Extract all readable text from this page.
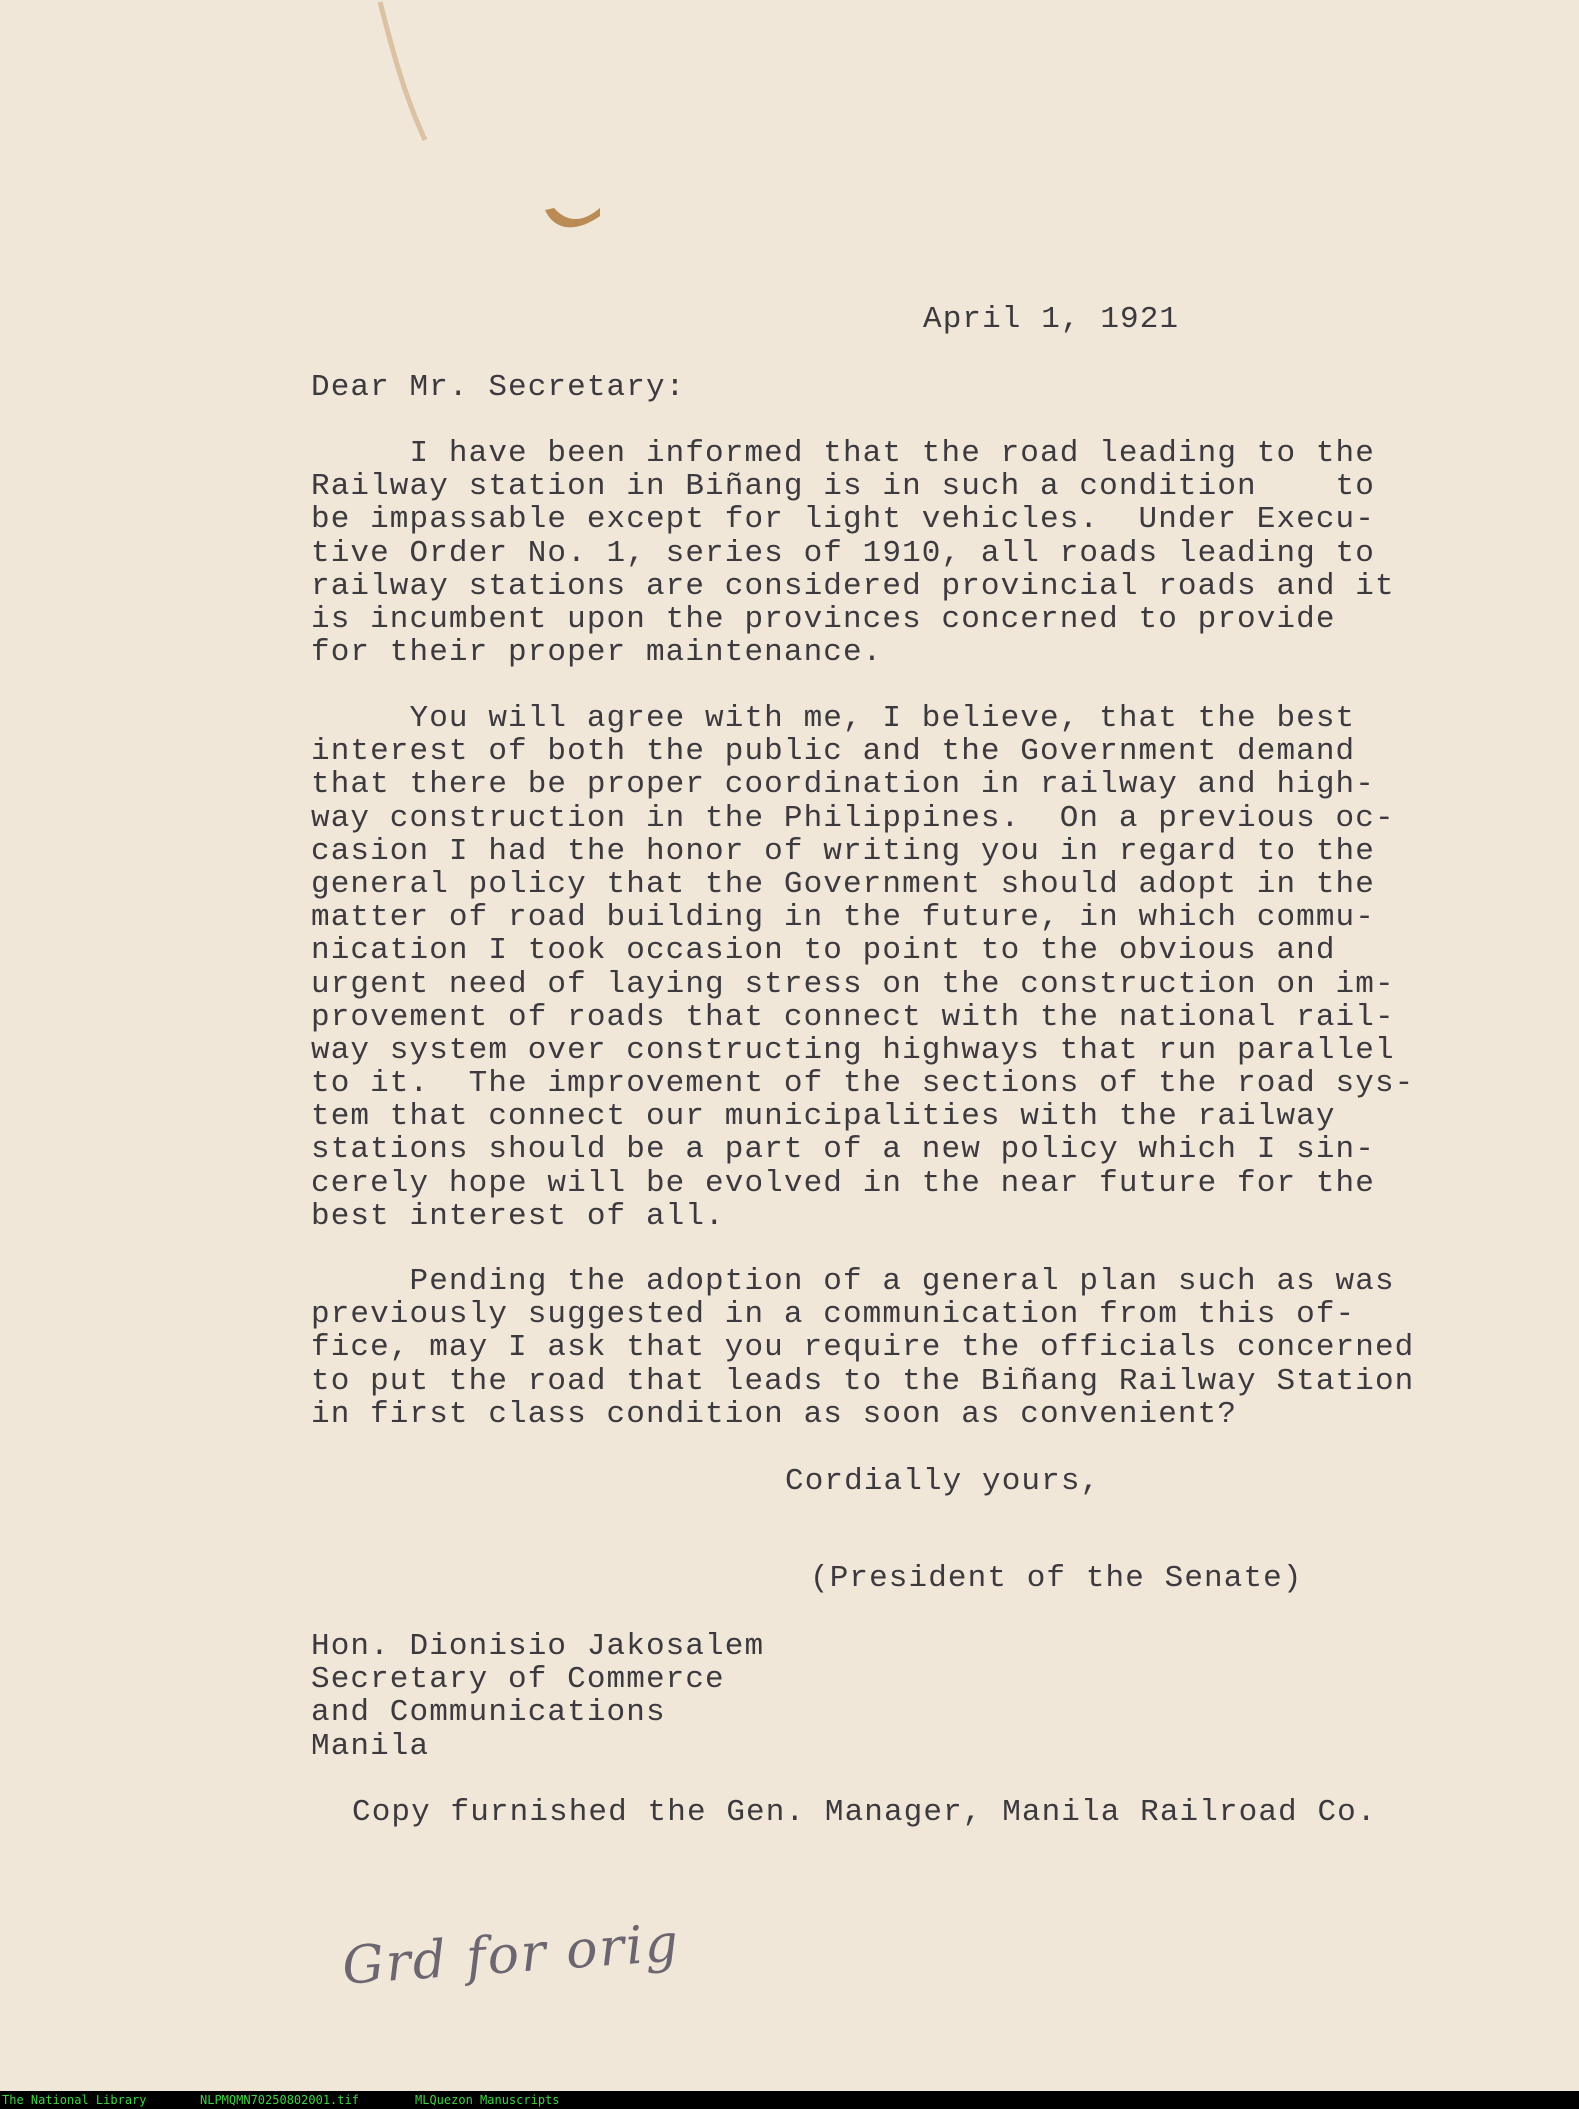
April 1, 1921
Dear Mr. Secretary:
I have been informed that the road leading to the
Railway station in Biñang is in such a condition    to
be impassable except for light vehicles.  Under Execu-
tive Order No. 1, series of 1910, all roads leading to
railway stations are considered provincial roads and it
is incumbent upon the provinces concerned to provide
for their proper maintenance.
You will agree with me, I believe, that the best
interest of both the public and the Government demand
that there be proper coordination in railway and high-
way construction in the Philippines.  On a previous oc-
casion I had the honor of writing you in regard to the
general policy that the Government should adopt in the
matter of road building in the future, in which commu-
nication I took occasion to point to the obvious and
urgent need of laying stress on the construction on im-
provement of roads that connect with the national rail-
way system over constructing highways that run parallel
to it.  The improvement of the sections of the road sys-
tem that connect our municipalities with the railway
stations should be a part of a new policy which I sin-
cerely hope will be evolved in the near future for the
best interest of all.
Pending the adoption of a general plan such as was
previously suggested in a communication from this of-
fice, may I ask that you require the officials concerned
to put the road that leads to the Biñang Railway Station
in first class condition as soon as convenient?
Cordially yours,
(President of the Senate)
Hon. Dionisio Jakosalem
Secretary of Commerce
and Communications
Manila
Copy furnished the Gen. Manager, Manila Railroad Co.
Grd for orig
The National Library	NLPMQMN70250802001.tif	MLQuezon Manuscripts
